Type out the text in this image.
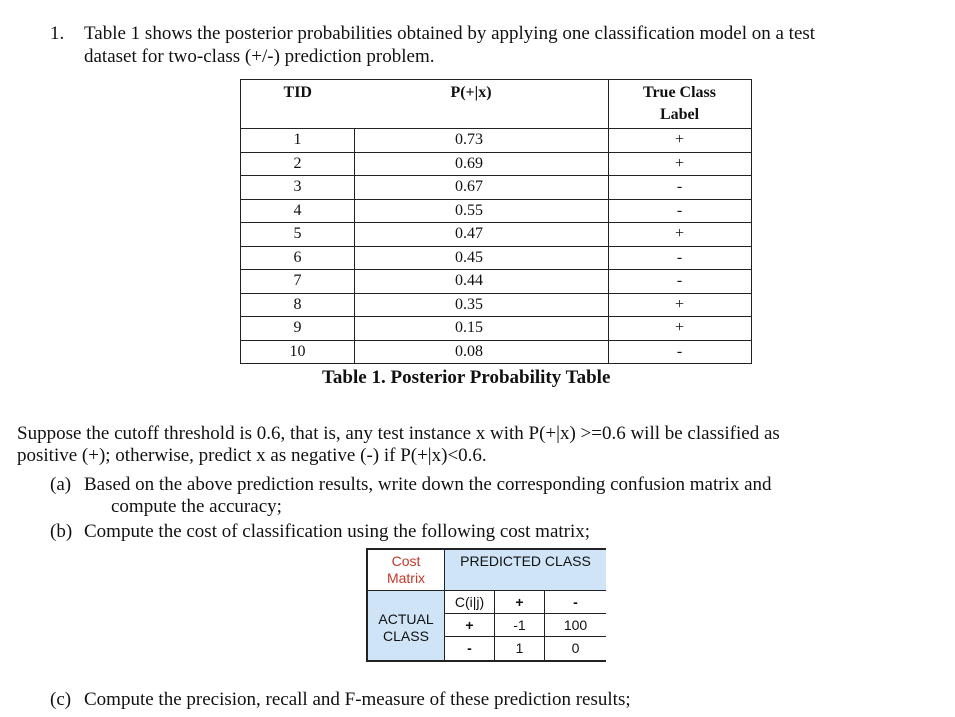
1. Table 1 shows the posterior probabilities obtained by applying one classification model on a test
dataset for two-class (+/-) prediction problem.
TID	P(+|x)	True Class
Label
1	0.73	+
2	0.69	+
3	0.67	-
4	0.55	-
5	0.47	+
6	0.45	-
7	0.44	-
8	0.35	+
9	0.15	+
10	0.08	-
Table 1. Posterior Probability Table
Suppose the cutoff threshold is 0.6, that is, any test instance x with P(+|x) >=0.6 will be classified as
positive (+); otherwise, predict x as negative (-) if P(+|x)<0.6.
(a) Based on the above prediction results, write down the corresponding confusion matrix and
compute the accuracy;
(b) Compute the cost of classification using the following cost matrix;
Cost
Matrix
PREDICTED CLASS
ACTUAL
CLASS
C(i|j)	+	-
+	-1	100
-	1	0
(c) Compute the precision, recall and F-measure of these prediction results;
